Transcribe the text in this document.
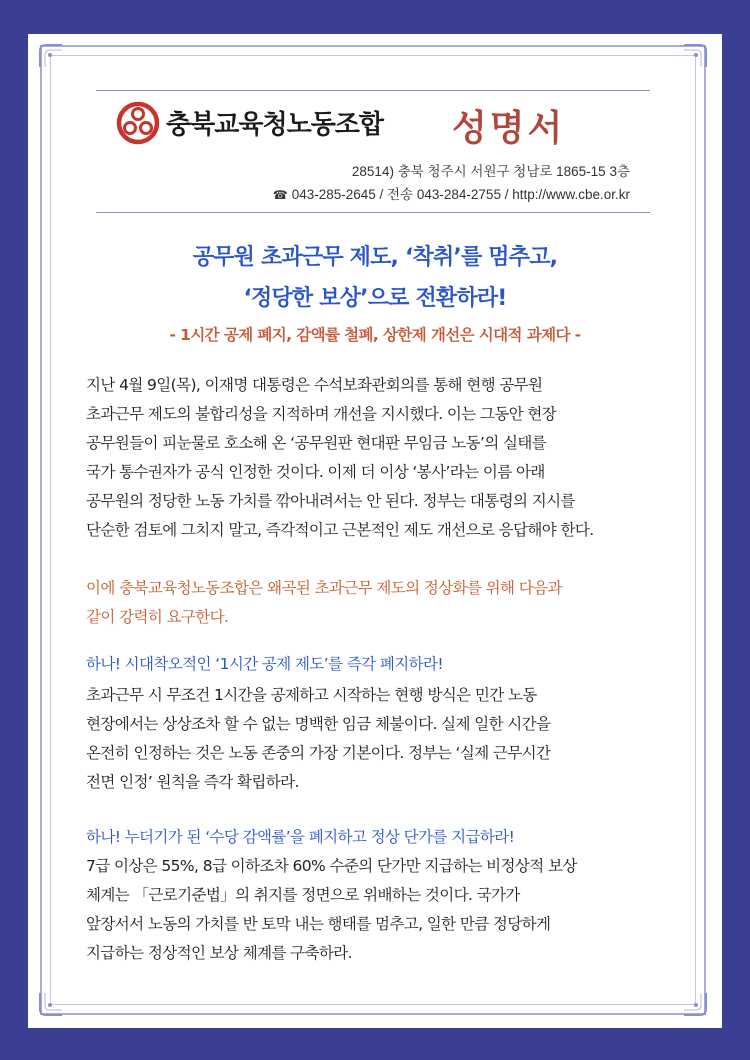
충북교육청노동조합 성명서
28514) 충북 청주시 서원구 청남로 1865-15 3층
☎ 043-285-2645 / 전송 043-284-2755 / http://www.cbe.or.kr
공무원 초과근무 제도, ‘착취’를 멈추고,
‘정당한 보상’으로 전환하라!
- 1시간 공제 폐지, 감액률 철폐, 상한제 개선은 시대적 과제다 -
지난 4월 9일(목), 이재명 대통령은 수석보좌관회의를 통해 현행 공무원
초과근무 제도의 불합리성을 지적하며 개선을 지시했다. 이는 그동안 현장
공무원들이 피눈물로 호소해 온 ‘공무원판 현대판 무임금 노동’의 실태를
국가 통수권자가 공식 인정한 것이다. 이제 더 이상 ‘봉사’라는 이름 아래
공무원의 정당한 노동 가치를 깎아내려서는 안 된다. 정부는 대통령의 지시를
단순한 검토에 그치지 말고, 즉각적이고 근본적인 제도 개선으로 응답해야 한다.
이에 충북교육청노동조합은 왜곡된 초과근무 제도의 정상화를 위해 다음과
같이 강력히 요구한다.
하나! 시대착오적인 ‘1시간 공제 제도’를 즉각 폐지하라!
초과근무 시 무조건 1시간을 공제하고 시작하는 현행 방식은 민간 노동
현장에서는 상상조차 할 수 없는 명백한 임금 체불이다. 실제 일한 시간을
온전히 인정하는 것은 노동 존중의 가장 기본이다. 정부는 ‘실제 근무시간
전면 인정’ 원칙을 즉각 확립하라.
하나! 누더기가 된 ‘수당 감액률’을 폐지하고 정상 단가를 지급하라!
7급 이상은 55%, 8급 이하조차 60% 수준의 단가만 지급하는 비정상적 보상
체계는 「근로기준법」의 취지를 정면으로 위배하는 것이다. 국가가
앞장서서 노동의 가치를 반 토막 내는 행태를 멈추고, 일한 만큼 정당하게
지급하는 정상적인 보상 체계를 구축하라.
